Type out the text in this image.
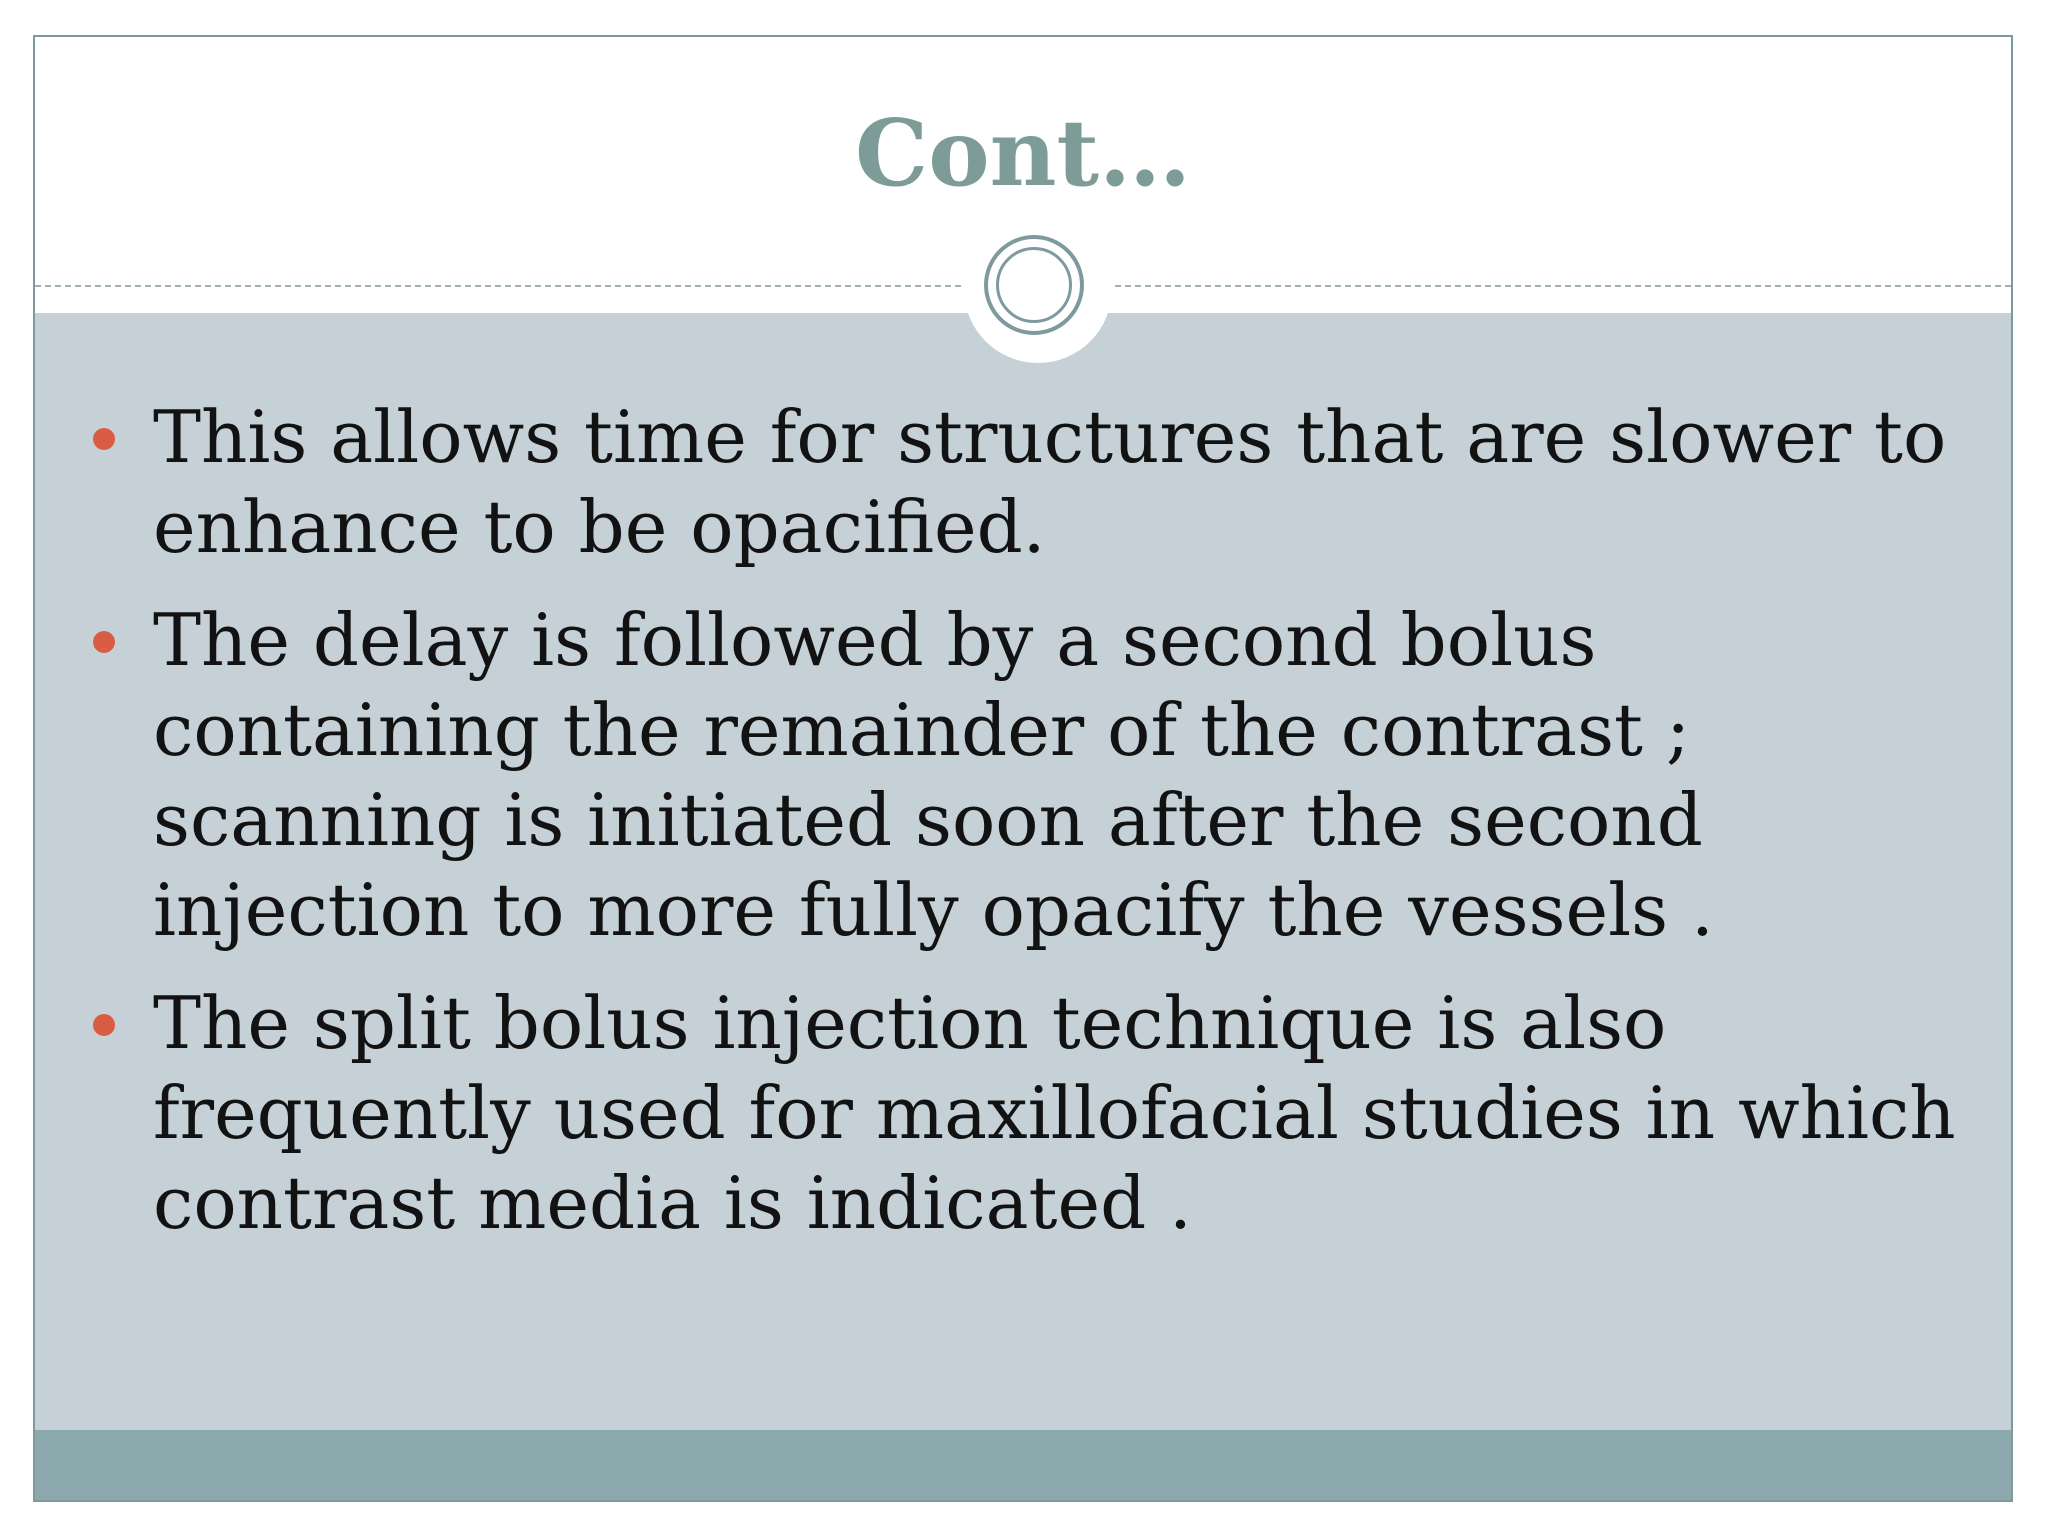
Cont…
This allows time for structures that are slower to enhance to be opacified.
The delay is followed by a second bolus containing the remainder of the contrast ; scanning is initiated soon after the second injection to more fully opacify the vessels .
The split bolus injection technique is also frequently used for maxillofacial studies in which contrast media is indicated .
